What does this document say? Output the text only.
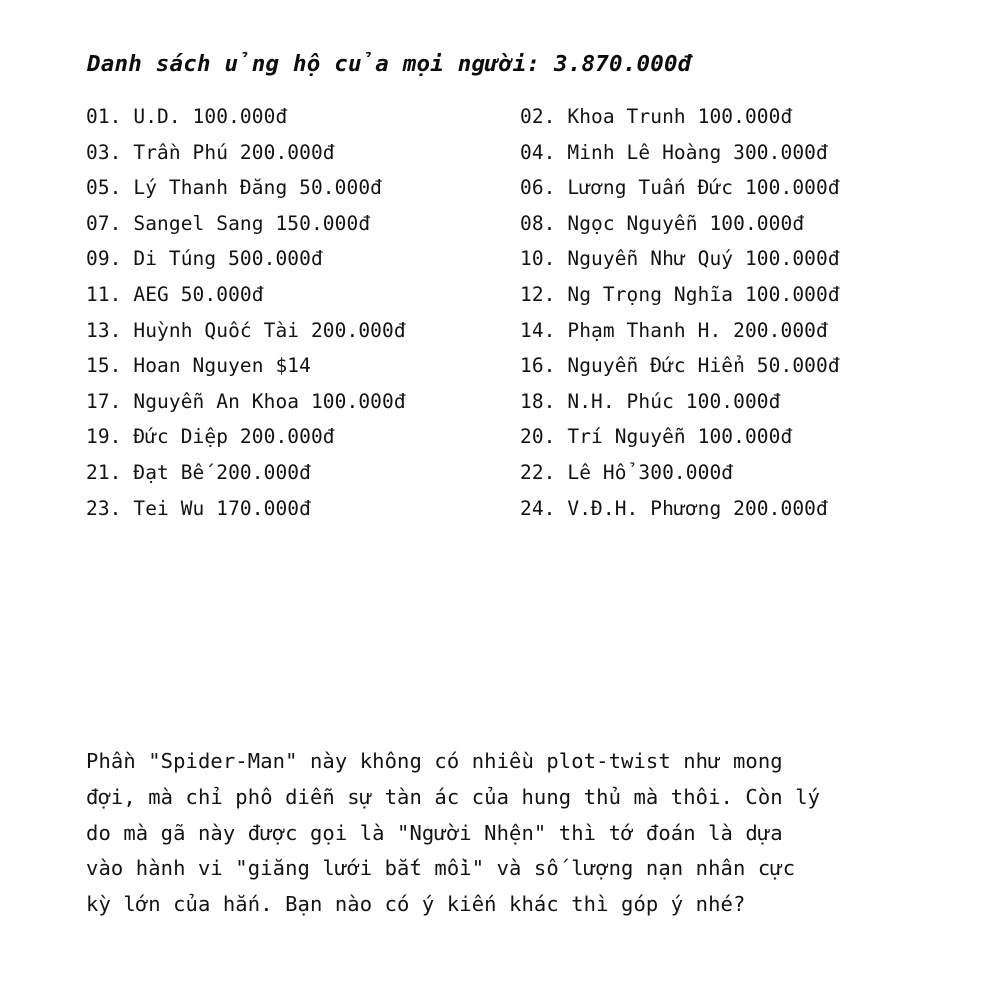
Danh sách ủng hộ của mọi người: 3.870.000đ
01. U.D. 100.000đ	02. Khoa Trunh 100.000đ
03. Trần Phú 200.000đ	04. Minh Lê Hoàng 300.000đ
05. Lý Thanh Đăng 50.000đ	06. Lương Tuấn Đức 100.000đ
07. Sangel Sang 150.000đ	08. Ngọc Nguyễn 100.000đ
09. Di Túng 500.000đ	10. Nguyễn Như Quý 100.000đ
11. AEG 50.000đ	12. Ng Trọng Nghĩa 100.000đ
13. Huỳnh Quốc Tài 200.000đ	14. Phạm Thanh H. 200.000đ
15. Hoan Nguyen $14	16. Nguyễn Đức Hiển 50.000đ
17. Nguyễn An Khoa 100.000đ	18. N.H. Phúc 100.000đ
19. Đức Diệp 200.000đ	20. Trí Nguyễn 100.000đ
21. Đạt Bế 200.000đ	22. Lê Hổ 300.000đ
23. Tei Wu 170.000đ	24. V.Đ.H. Phương 200.000đ
Phần "Spider-Man" này không có nhiều plot-twist như mong
đợi, mà chỉ phô diễn sự tàn ác của hung thủ mà thôi. Còn lý
do mà gã này được gọi là "Người Nhện" thì tớ đoán là dựa
vào hành vi "giăng lưới bắt mồi" và số lượng nạn nhân cực
kỳ lớn của hắn. Bạn nào có ý kiến khác thì góp ý nhé?
